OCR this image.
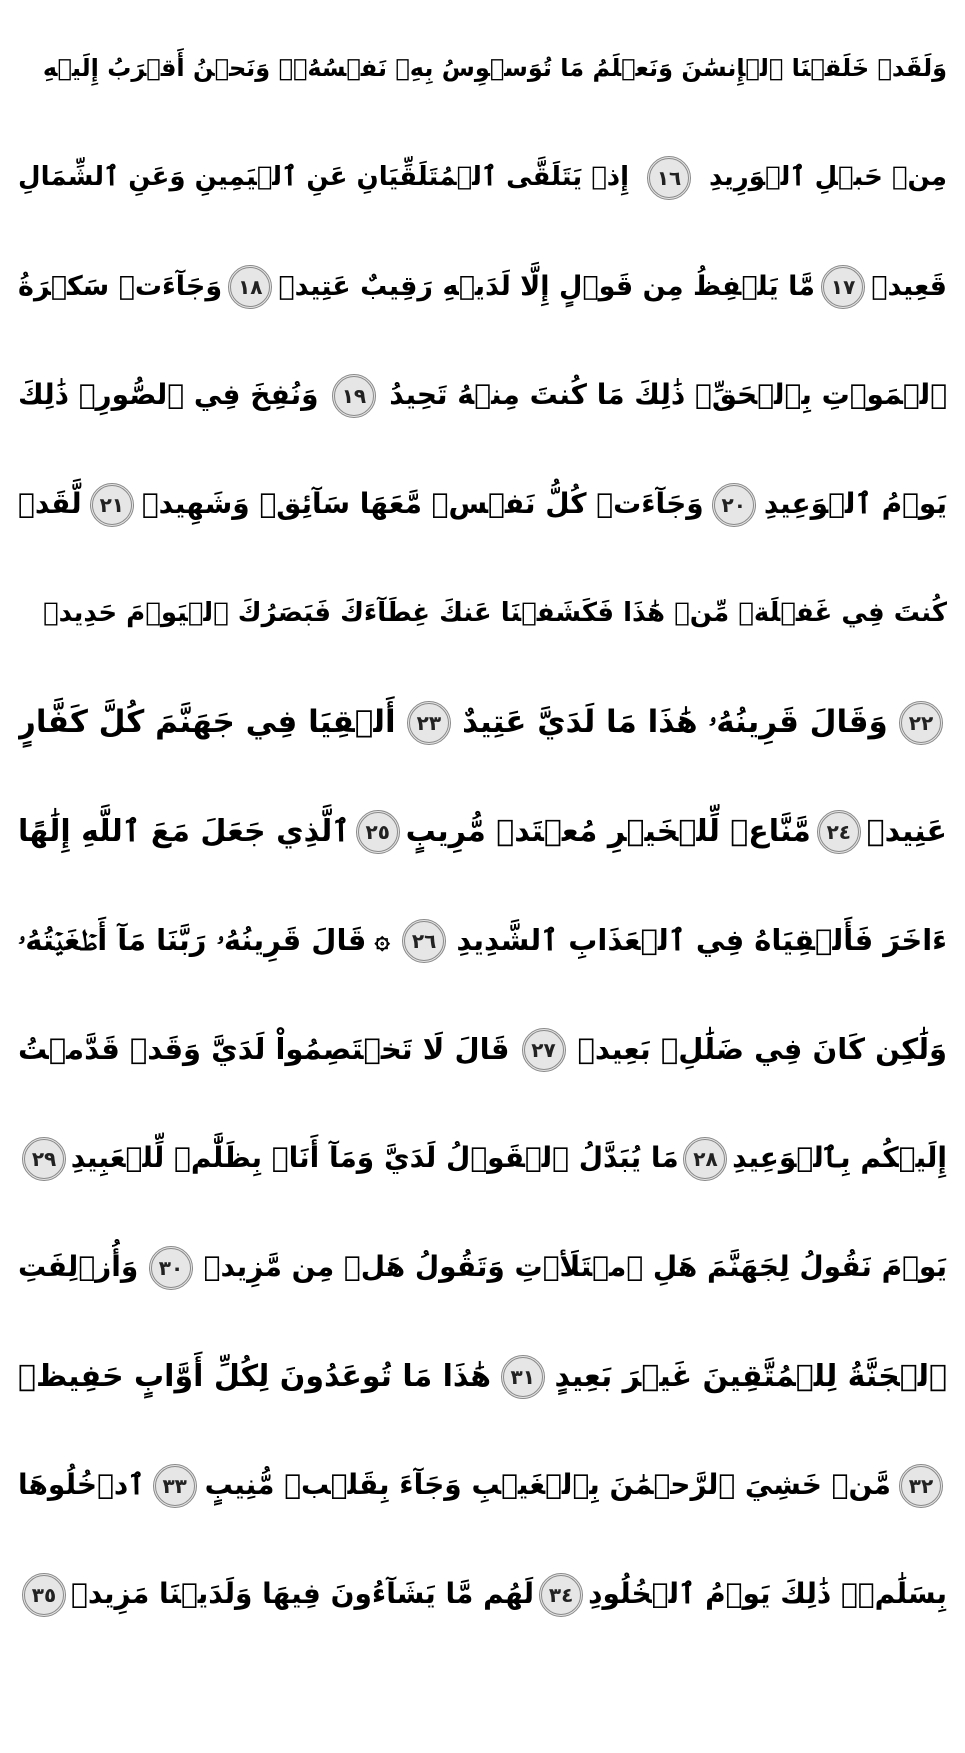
وَلَقَدۡ خَلَقۡنَا ٱلۡإِنسَٰنَ وَنَعۡلَمُ مَا تُوَسۡوِسُ بِهِۦ نَفۡسُهُۥۖ وَنَحۡنُ أَقۡرَبُ إِلَيۡهِ
مِنۡ حَبۡلِ ٱلۡوَرِيدِ
١٦
إِذۡ يَتَلَقَّى ٱلۡمُتَلَقِّيَانِ عَنِ ٱلۡيَمِينِ وَعَنِ ٱلشِّمَالِ
قَعِيدٞ
١٧
مَّا يَلۡفِظُ مِن قَوۡلٍ إِلَّا لَدَيۡهِ رَقِيبٌ عَتِيدٞ
١٨
وَجَآءَتۡ سَكۡرَةُ
ٱلۡمَوۡتِ بِٱلۡحَقِّۖ ذَٰلِكَ مَا كُنتَ مِنۡهُ تَحِيدُ
١٩
وَنُفِخَ فِي ٱلصُّورِۚ ذَٰلِكَ
يَوۡمُ ٱلۡوَعِيدِ
٢٠
وَجَآءَتۡ كُلُّ نَفۡسٖ مَّعَهَا سَآئِقٞ وَشَهِيدٞ
٢١
لَّقَدۡ
كُنتَ فِي غَفۡلَةٖ مِّنۡ هَٰذَا فَكَشَفۡنَا عَنكَ غِطَآءَكَ فَبَصَرُكَ ٱلۡيَوۡمَ حَدِيدٞ
٢٢
وَقَالَ قَرِينُهُۥ هَٰذَا مَا لَدَيَّ عَتِيدٌ
٢٣
أَلۡقِيَا فِي جَهَنَّمَ كُلَّ كَفَّارٍ
عَنِيدٖ
٢٤
مَّنَّاعٖ لِّلۡخَيۡرِ مُعۡتَدٖ مُّرِيبٍ
٢٥
ٱلَّذِي جَعَلَ مَعَ ٱللَّهِ إِلَٰهًا
ءَاخَرَ فَأَلۡقِيَاهُ فِي ٱلۡعَذَابِ ٱلشَّدِيدِ
٢٦
۞
قَالَ قَرِينُهُۥ رَبَّنَا مَآ أَطۡغَيۡتُهُۥ
وَلَٰكِن كَانَ فِي ضَلَٰلِۭ بَعِيدٖ
٢٧
قَالَ لَا تَخۡتَصِمُواْ لَدَيَّ وَقَدۡ قَدَّمۡتُ
إِلَيۡكُم بِٱلۡوَعِيدِ
٢٨
مَا يُبَدَّلُ ٱلۡقَوۡلُ لَدَيَّ وَمَآ أَنَا۠ بِظَلَّٰمٖ لِّلۡعَبِيدِ
٢٩
يَوۡمَ نَقُولُ لِجَهَنَّمَ هَلِ ٱمۡتَلَأۡتِ وَتَقُولُ هَلۡ مِن مَّزِيدٖ
٣٠
وَأُزۡلِفَتِ
ٱلۡجَنَّةُ لِلۡمُتَّقِينَ غَيۡرَ بَعِيدٍ
٣١
هَٰذَا مَا تُوعَدُونَ لِكُلِّ أَوَّابٍ حَفِيظٖ
٣٢
مَّنۡ خَشِيَ ٱلرَّحۡمَٰنَ بِٱلۡغَيۡبِ وَجَآءَ بِقَلۡبٖ مُّنِيبٍ
٣٣
ٱدۡخُلُوهَا
بِسَلَٰمٖۖ ذَٰلِكَ يَوۡمُ ٱلۡخُلُودِ
٣٤
لَهُم مَّا يَشَآءُونَ فِيهَا وَلَدَيۡنَا مَزِيدٞ
٣٥
